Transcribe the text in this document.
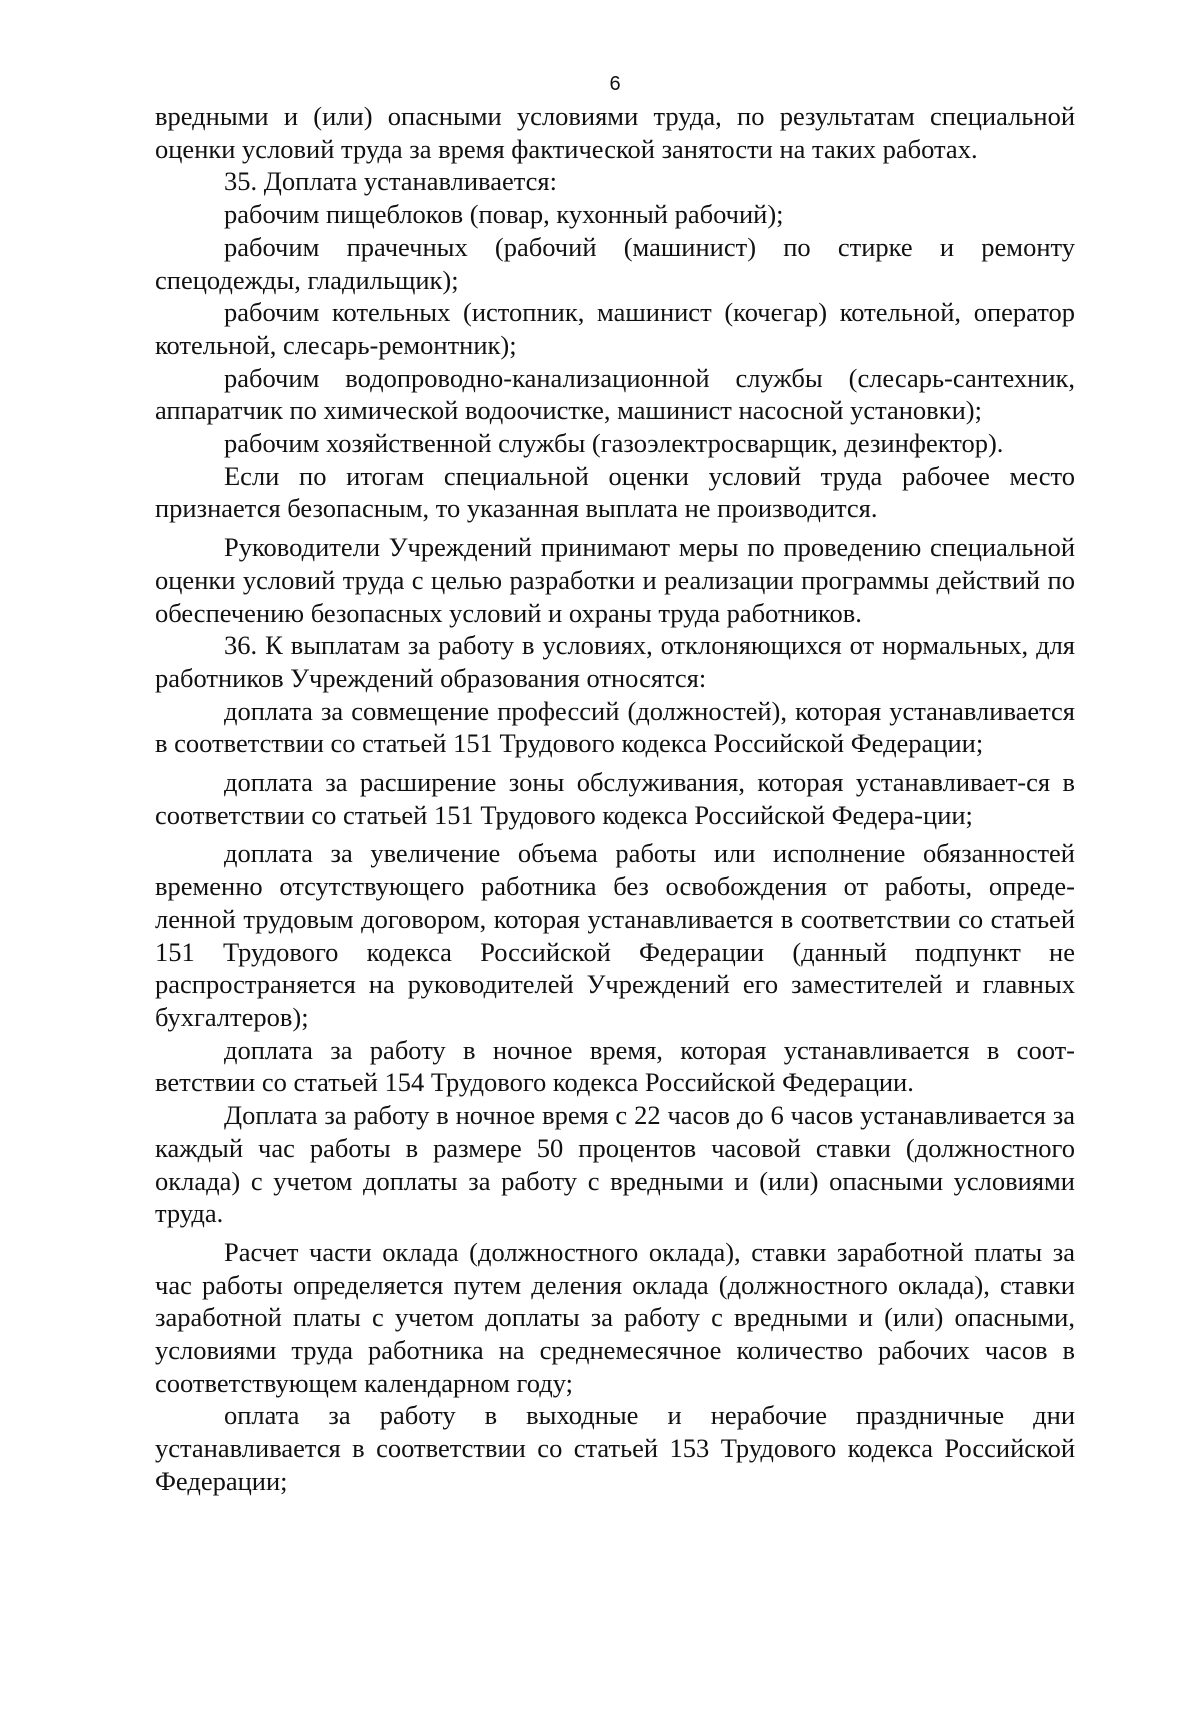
6

вредными и (или) опасными условиями труда, по результатам специальной оценки условий труда за время фактической занятости на таких работах.

35. Доплата устанавливается:

рабочим пищеблоков (повар, кухонный рабочий);

рабочим прачечных (рабочий (машинист) по стирке и ремонту спецодежды, гладильщик);

рабочим котельных (истопник, машинист (кочегар) котельной, оператор котельной, слесарь-ремонтник);

рабочим водопроводно-канализационной службы (слесарь-сантехник, аппаратчик по химической водоочистке, машинист насосной установки);

рабочим хозяйственной службы (газоэлектросварщик, дезинфектор).

Если по итогам специальной оценки условий труда рабочее место признается безопасным, то указанная выплата не производится.

Руководители Учреждений принимают меры по проведению специальной оценки условий труда с целью разработки и реализации программы действий по обеспечению безопасных условий и охраны труда работников.

36. К выплатам за работу в условиях, отклоняющихся от нормальных, для работников Учреждений образования относятся:

доплата за совмещение профессий (должностей), которая устанавливается в соответствии со статьей 151 Трудового кодекса Российской Федерации;

доплата за расширение зоны обслуживания, которая устанавливает-ся в соответствии со статьей 151 Трудового кодекса Российской Федера-ции;

доплата за увеличение объема работы или исполнение обязанностей временно отсутствующего работника без освобождения от работы, опреде-ленной трудовым договором, которая устанавливается в соответствии со статьей 151 Трудового кодекса Российской Федерации (данный подпункт не распространяется на руководителей Учреждений его заместителей и главных бухгалтеров);

доплата за работу в ночное время, которая устанавливается в соот-ветствии со статьей 154 Трудового кодекса Российской Федерации.

Доплата за работу в ночное время с 22 часов до 6 часов устанавливается за каждый час работы в размере 50 процентов часовой ставки (должностного оклада) с учетом доплаты за работу с вредными и (или) опасными условиями труда.

Расчет части оклада (должностного оклада), ставки заработной платы за час работы определяется путем деления оклада (должностного оклада), ставки заработной платы с учетом доплаты за работу с вредными и (или) опасными, условиями труда работника на среднемесячное количество рабочих часов в соответствующем календарном году;

оплата за работу в выходные и нерабочие праздничные дни устанавливается в соответствии со статьей 153 Трудового кодекса Российской Федерации;
